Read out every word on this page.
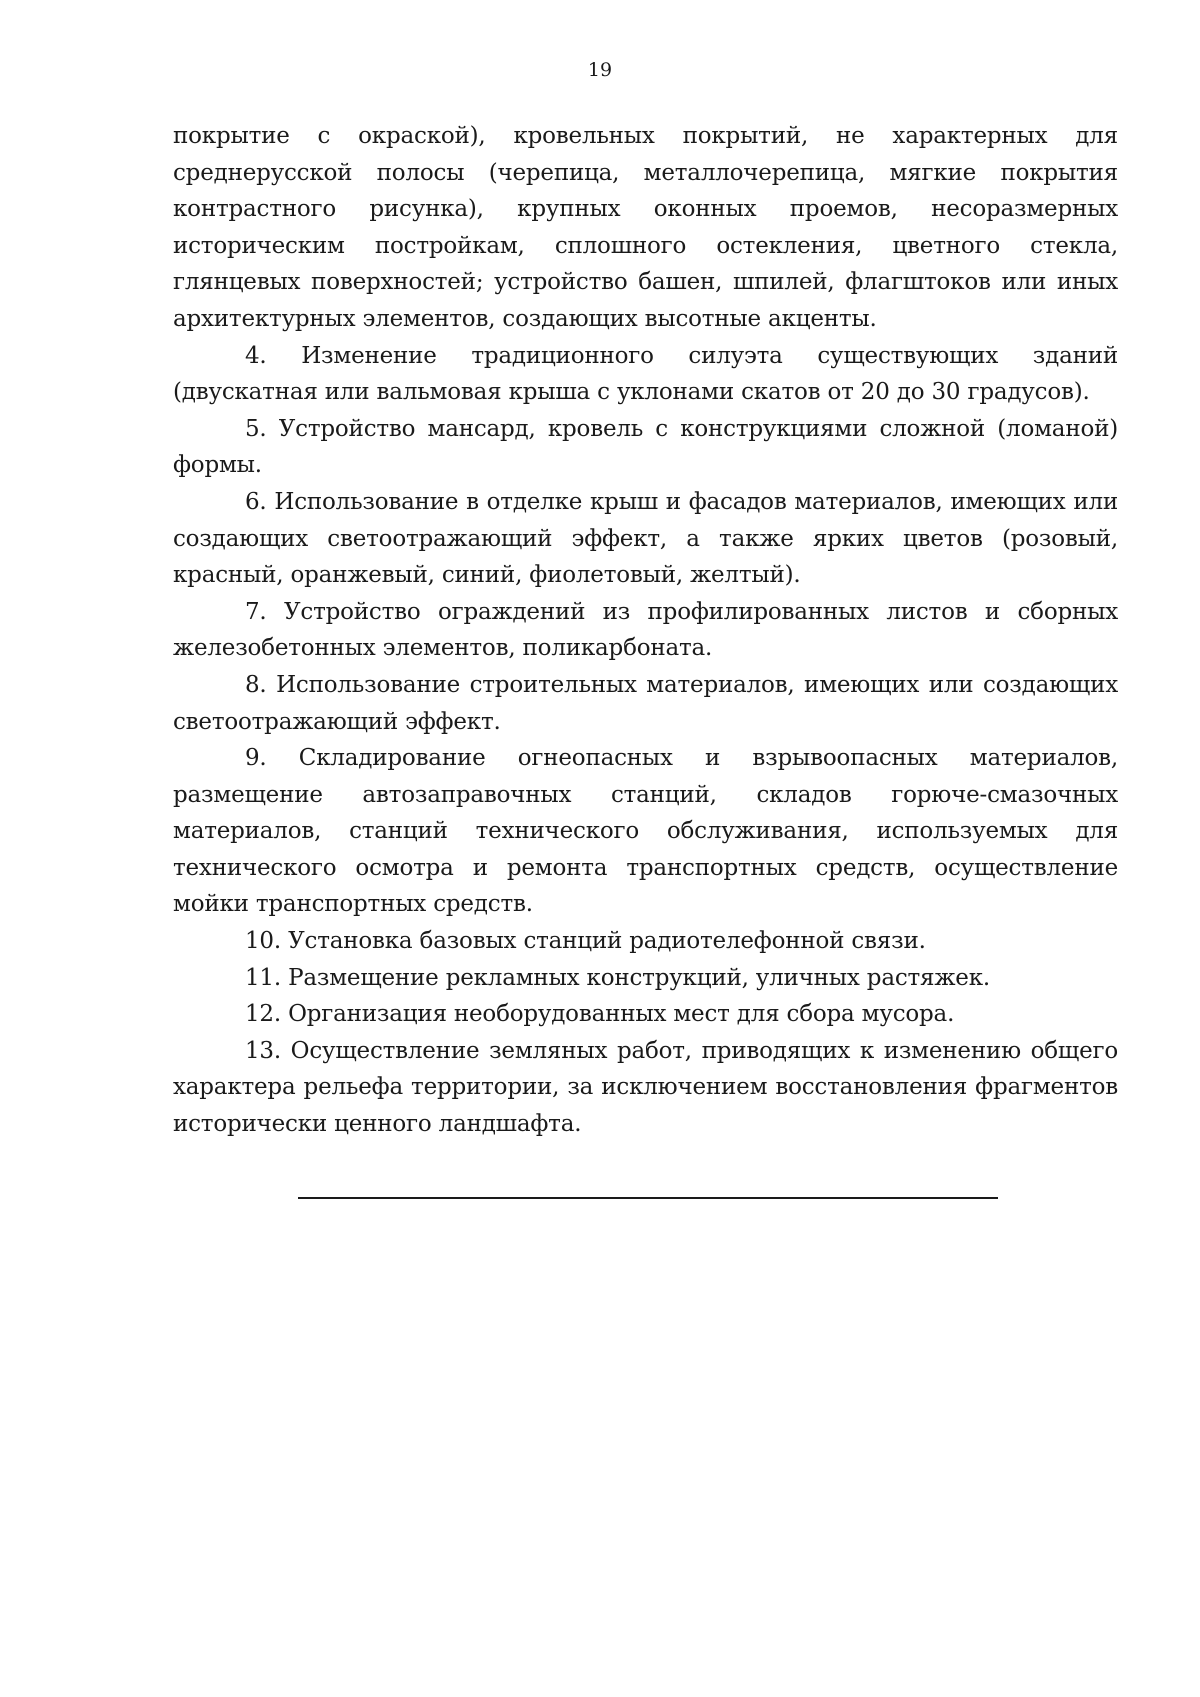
19

покрытие с окраской), кровельных покрытий, не характерных для среднерусской полосы (черепица, металлочерепица, мягкие покрытия контрастного рисунка), крупных оконных проемов, несоразмерных историческим постройкам, сплошного остекления, цветного стекла, глянцевых поверхностей; устройство башен, шпилей, флагштоков или иных архитектурных элементов, создающих высотные акценты.

4. Изменение традиционного силуэта существующих зданий (двускатная или вальмовая крыша с уклонами скатов от 20 до 30 градусов).

5. Устройство мансард, кровель с конструкциями сложной (ломаной) формы.

6. Использование в отделке крыш и фасадов материалов, имеющих или создающих светоотражающий эффект, а также ярких цветов (розовый, красный, оранжевый, синий, фиолетовый, желтый).

7. Устройство ограждений из профилированных листов и сборных железобетонных элементов, поликарбоната.

8. Использование строительных материалов, имеющих или создающих светоотражающий эффект.

9. Складирование огнеопасных и взрывоопасных материалов, размещение автозаправочных станций, складов горюче-смазочных материалов, станций технического обслуживания, используемых для технического осмотра и ремонта транспортных средств, осуществление мойки транспортных средств.

10. Установка базовых станций радиотелефонной связи.

11. Размещение рекламных конструкций, уличных растяжек.

12. Организация необорудованных мест для сбора мусора.

13. Осуществление земляных работ, приводящих к изменению общего характера рельефа территории, за исключением восстановления фрагментов исторически ценного ландшафта.
